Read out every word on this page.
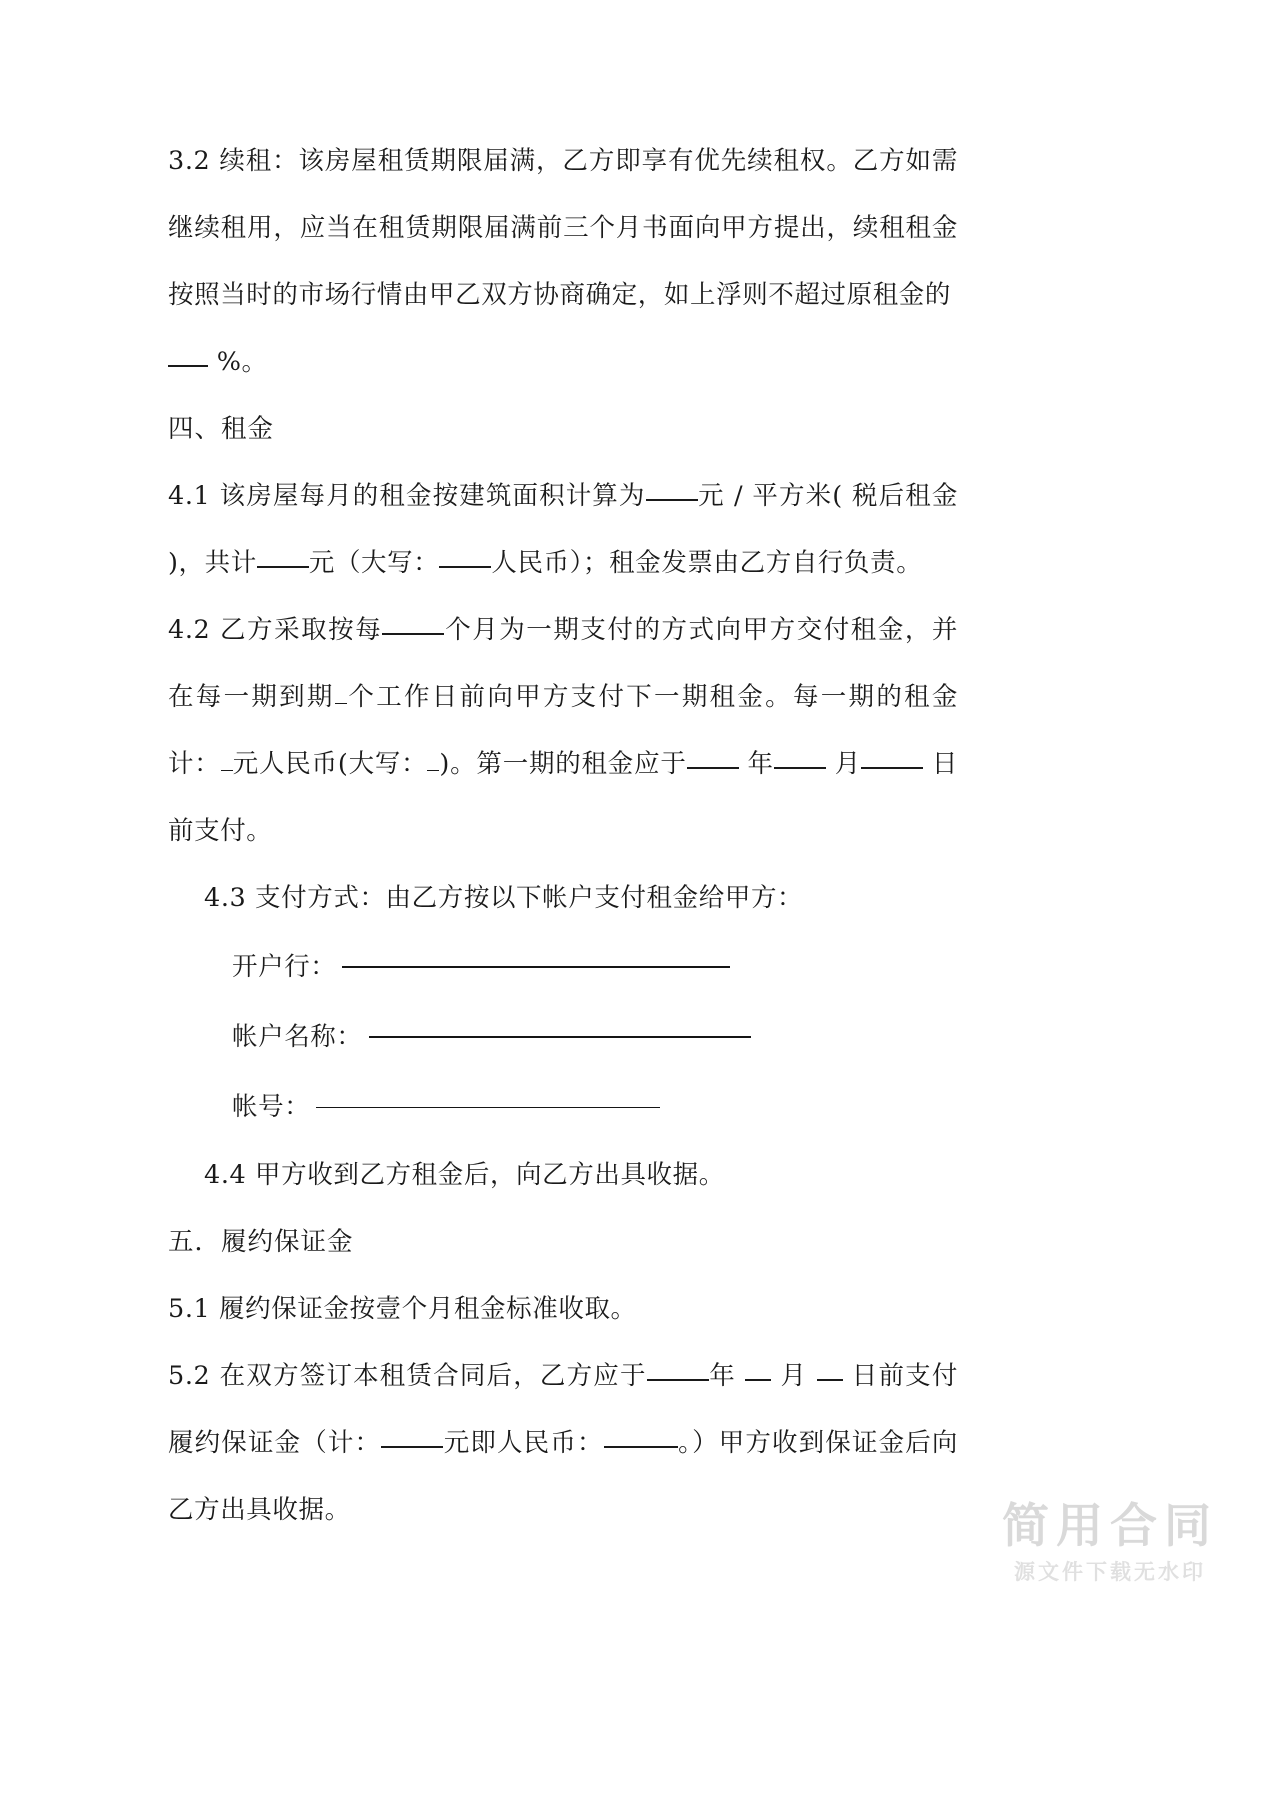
3.2 续租：该房屋租赁期限届满，乙方即享有优先续租权。乙方如需继续租用，应当在租赁期限届满前三个月书面向甲方提出，续租租金按照当时的市场行情由甲乙双方协商确定，如上浮则不超过原租金的

%。

四、租金

4.1 该房屋每月的租金按建筑面积计算为 元 / 平方米( 税后租金 )，共计 元（大写： 人民币）；租金发票由乙方自行负责。

4.2 乙方采取按每 个月为一期支付的方式向甲方交付租金，并在每一期到期 个工作日前向甲方支付下一期租金。每一期的租金计： 元人民币(大写： )。第一期的租金应于 年 月	日前支付。

4.3 支付方式：由乙方按以下帐户支付租金给甲方：

开户行：

帐户名称：

帐号：

4.4 甲方收到乙方租金后，向乙方出具收据。

五．履约保证金

5.1 履约保证金按壹个月租金标准收取。

5.2 在双方签订本租赁合同后，乙方应于 年 月 日前支付履约保证金（计： 元即人民币：	。）甲方收到保证金后向乙方出具收据。	简用合同
源文件下载无水印
